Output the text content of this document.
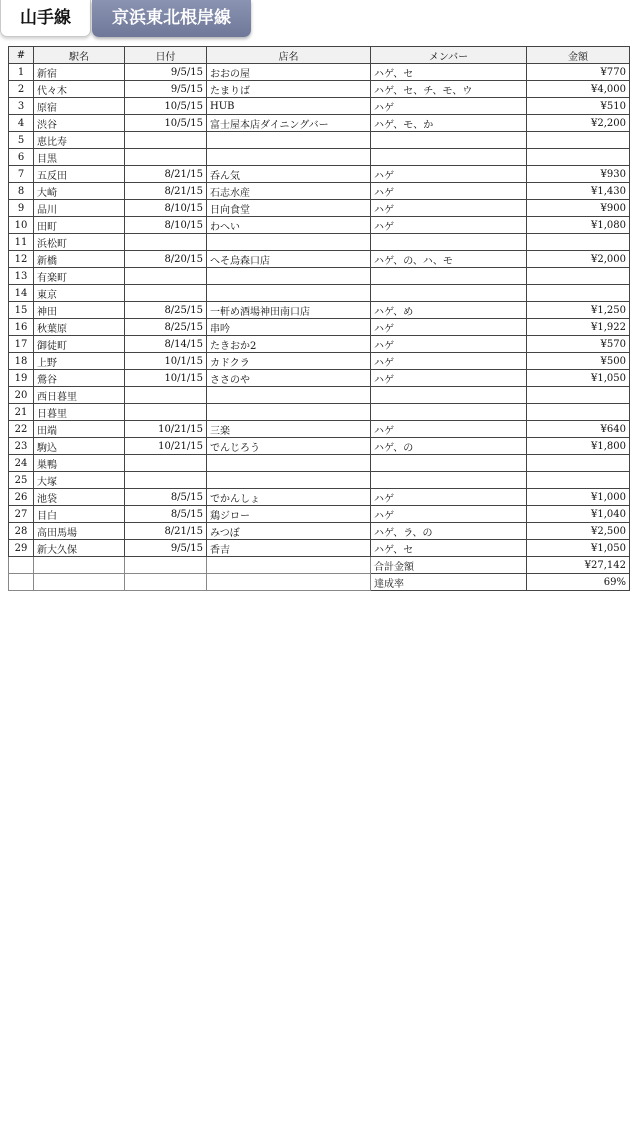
山手線	京浜東北根岸線
#	駅名	日付	店名	メンバー	金額
1	新宿	9/5/15	おおの屋	ハゲ、セ	¥770
2	代々木	9/5/15	たまりば	ハゲ、セ、チ、モ、ウ	¥4,000
3	原宿	10/5/15	HUB	ハゲ	¥510
4	渋谷	10/5/15	富士屋本店ダイニングバー	ハゲ、モ、か	¥2,200
5	恵比寿				
6	目黒				
7	五反田	8/21/15	呑ん気	ハゲ	¥930
8	大崎	8/21/15	石志水産	ハゲ	¥1,430
9	品川	8/10/15	日向食堂	ハゲ	¥900
10	田町	8/10/15	わへい	ハゲ	¥1,080
11	浜松町				
12	新橋	8/20/15	へそ烏森口店	ハゲ、の、ハ、モ	¥2,000
13	有楽町				
14	東京				
15	神田	8/25/15	一軒め酒場神田南口店	ハゲ、め	¥1,250
16	秋葉原	8/25/15	串吟	ハゲ	¥1,922
17	御徒町	8/14/15	たきおか2	ハゲ	¥570
18	上野	10/1/15	カドクラ	ハゲ	¥500
19	鶯谷	10/1/15	ささのや	ハゲ	¥1,050
20	西日暮里				
21	日暮里				
22	田端	10/21/15	三楽	ハゲ	¥640
23	駒込	10/21/15	でんじろう	ハゲ、の	¥1,800
24	巣鴨				
25	大塚				
26	池袋	8/5/15	でかんしょ	ハゲ	¥1,000
27	目白	8/5/15	鶏ジロー	ハゲ	¥1,040
28	高田馬場	8/21/15	みつぼ	ハゲ、ラ、の	¥2,500
29	新大久保	9/5/15	香吉	ハゲ、セ	¥1,050
				合計金額	¥27,142
				達成率	69%
